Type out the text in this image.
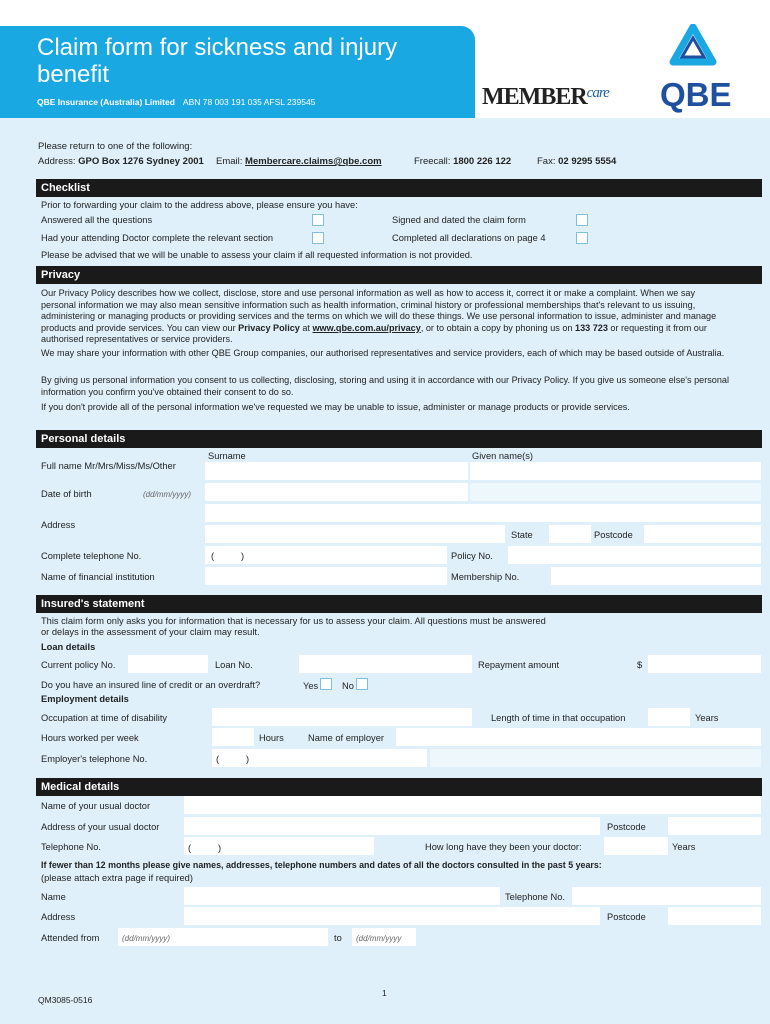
Claim form for sickness and injury benefit
QBE Insurance (Australia) Limited ABN 78 003 191 035 AFSL 239545	$MEMBER^{care}$ QBE
Please return to one of the following:
Address: GPO Box 1276 Sydney 2001 Email: Membercare.claims@qbe.com	Freecall: 1800 226 122	Fax: 02 9295 5554
Checklist
Prior to forwarding your claim to the address above, please ensure you have:
Answered all the questions	Signed and dated the claim form
Had your attending Doctor complete the relevant section	Completed all declarations on page 4
Please be advised that we will be unable to assess your claim if all requested information is not provided.
Privacy
Our Privacy Policy describes how we collect, disclose, store and use personal information as well as how to access it, correct it or make a complaint. When we say personal information we may also mean sensitive information such as health information, criminal history or professional memberships that's relevant to us issuing, administering or managing products or providing services and the terms on which we will do these things. We use personal information to issue, administer and manage products and provide services. You can view our Privacy Policy at www.qbe.com.au/privacy, or to obtain a copy by phoning us on 133 723 or requesting it from our authorised representatives or service providers.
We may share your information with other QBE Group companies, our authorised representatives and service providers, each of which may be based outside of Australia.
By giving us personal information you consent to us collecting, disclosing, storing and using it in accordance with our Privacy Policy. If you give us someone else's personal information you confirm you've obtained their consent to do so.
If you don't provide all of the personal information we've requested we may be unable to issue, administer or manage products or provide services.
Personal details
Surname	Given name(s)
Full name Mr/Mrs/Miss/Ms/Other
Date of birth	(dd/mm/yyyy)
Address
State	Postcode
Complete telephone No.	(	)	Policy No.
Name of financial institution	Membership No.
Insured's statement
This claim form only asks you for information that is necessary for us to assess your claim. All questions must be answered
or delays in the assessment of your claim may result.
Loan details
Current policy No.	Loan No.	Repayment amount	$
Do you have an insured line of credit or an overdraft?	Yes	No
Employment details
Occupation at time of disability	Length of time in that occupation	Years
Hours worked per week	Hours	Name of employer
Employer's telephone No.	(	)
Medical details
Name of your usual doctor
Address of your usual doctor	Postcode
Telephone No.	(	)	How long have they been your doctor:	Years
If fewer than 12 months please give names, addresses, telephone numbers and dates of all the doctors consulted in the past 5 years:
(please attach extra page if required)
Name	Telephone No.
Address	Postcode
Attended from	(dd/mm/yyyy)	to (dd/mm/yyyy
QM3085-0516
1
